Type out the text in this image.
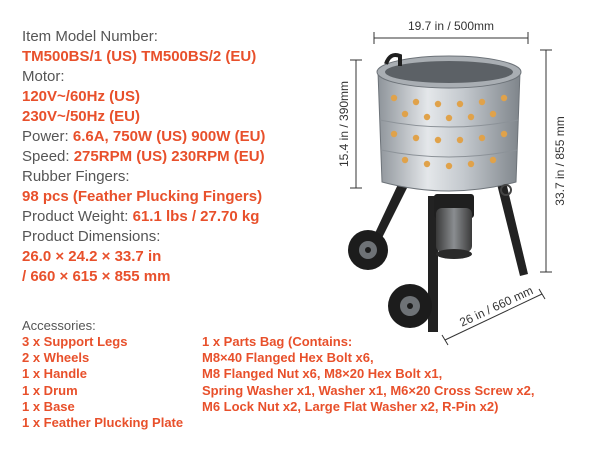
Item Model Number:
TM500BS/1 (US) TM500BS/2 (EU)
Motor:
120V~/60Hz (US)
230V~/50Hz (EU)
Power: 6.6A, 750W (US) 900W (EU)
Speed: 275RPM (US) 230RPM (EU)
Rubber Fingers:
98 pcs (Feather Plucking Fingers)
Product Weight: 61.1 lbs / 27.70 kg
Product Dimensions:
26.0 × 24.2 × 33.7 in
/ 660 × 615 × 855 mm
Accessories:
3 x Support Legs
2 x Wheels
1 x Handle
1 x Drum
1 x Base
1 x Feather Plucking Plate
1 x Parts Bag (Contains:
M8×40 Flanged Hex Bolt x6,
M8 Flanged Nut x6, M8×20 Hex Bolt x1,
Spring Washer x1, Washer x1, M6×20 Cross Screw x2,
M6 Lock Nut x2, Large Flat Washer x2, R-Pin x2)
19.7 in / 500mm
15.4 in / 390mm	33.7 in / 855 mm
26 in / 660 mm
